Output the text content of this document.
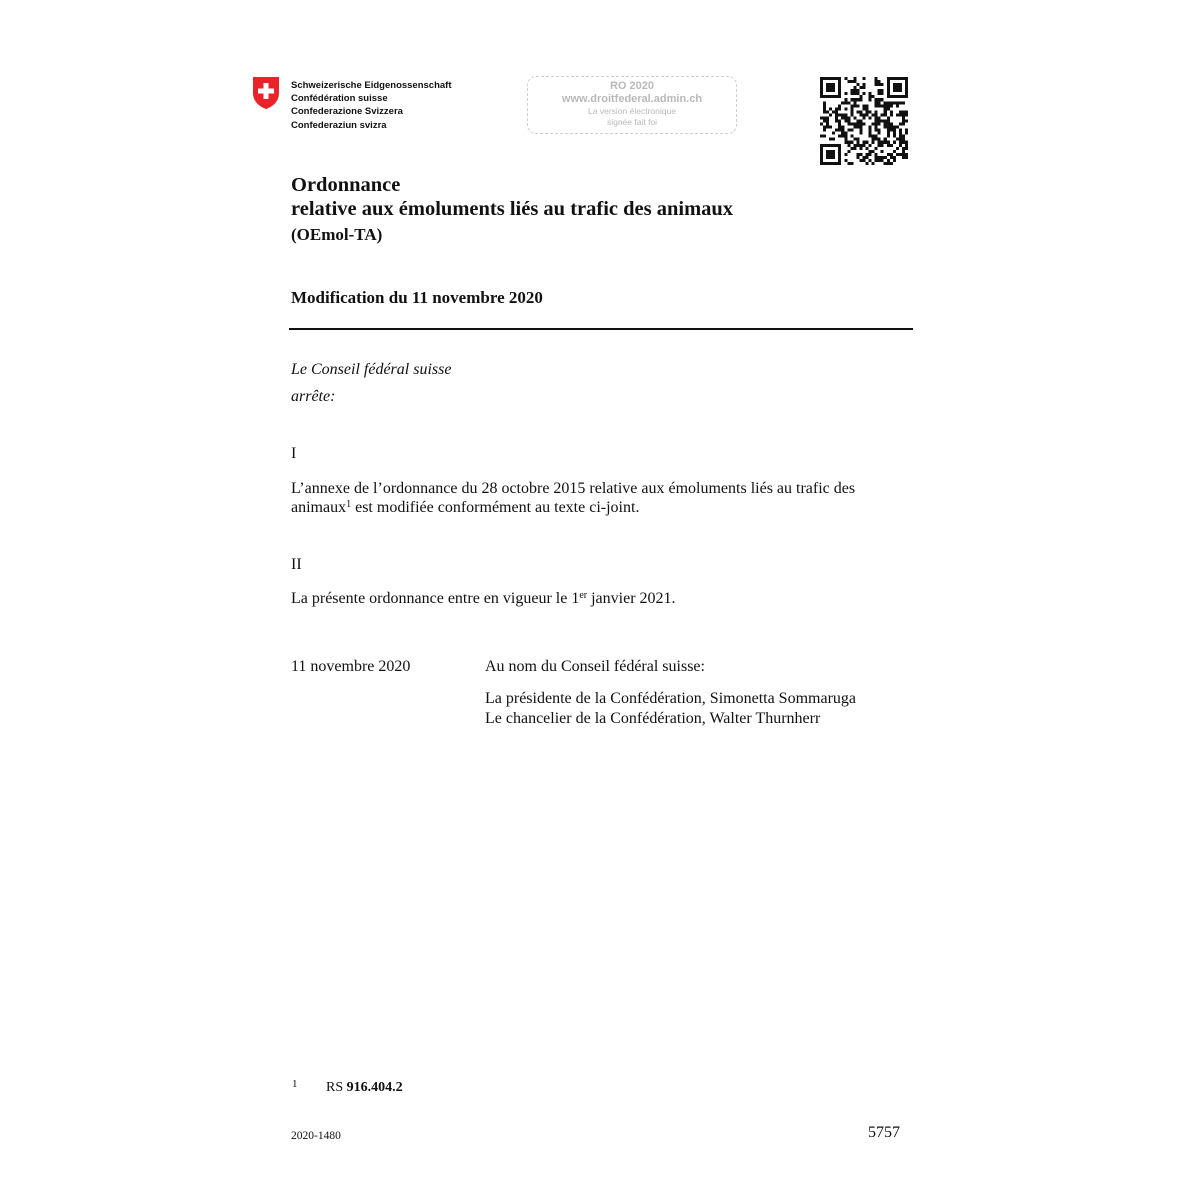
Schweizerische Eidgenossenschaft
Confédération suisse
Confederazione Svizzera
Confederaziun svizra
RO 2020
www.droitfederal.admin.ch
La version électronique
signée fait foi
Ordonnance
relative aux émoluments liés au trafic des animaux
(OEmol-TA)
Modification du 11 novembre 2020
Le Conseil fédéral suisse
arrête:
I
L’annexe de l’ordonnance du 28 octobre 2015 relative aux émoluments liés au trafic des animaux$^1$ est modifiée conformément au texte ci-joint.
II
La présente ordonnance entre en vigueur le 1er janvier 2021.
11 novembre 2020	Au nom du Conseil fédéral suisse:
La présidente de la Confédération, Simonetta Sommaruga
Le chancelier de la Confédération, Walter Thurnherr
1 RS 916.404.2
2020-1480	5757
